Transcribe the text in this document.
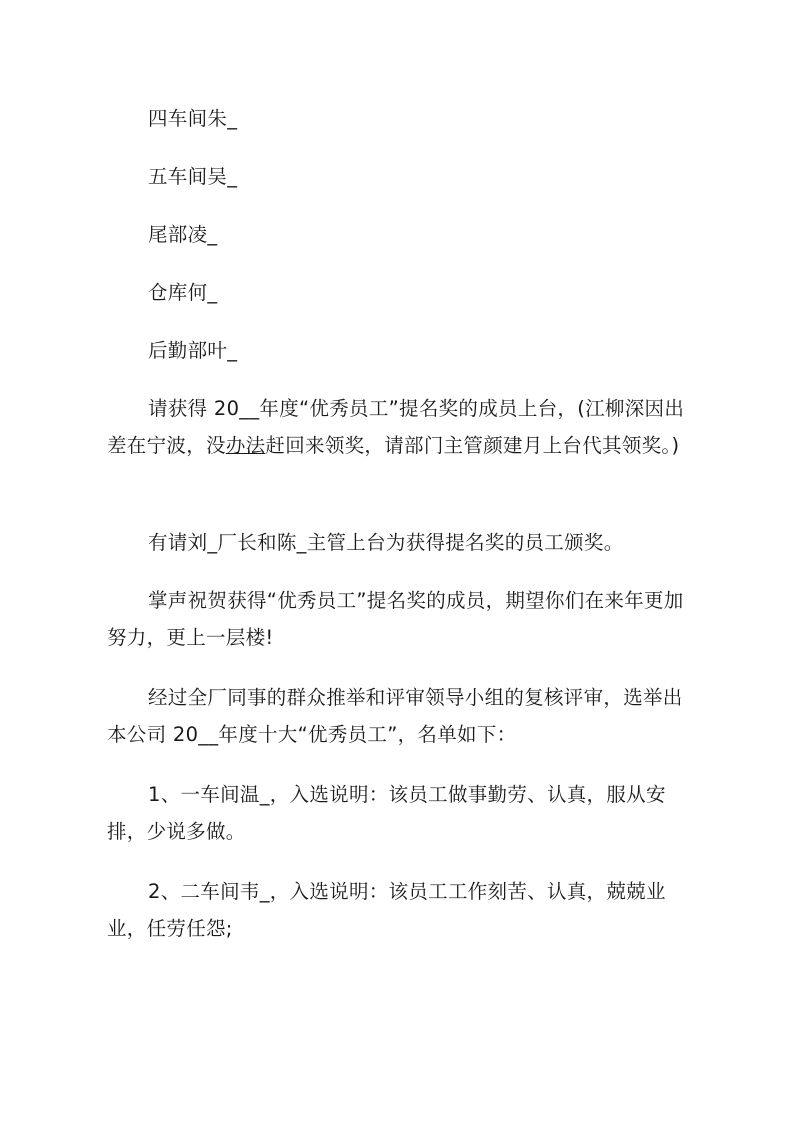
四车间朱_

五车间吴_

尾部凌_

仓库何_

后勤部叶_

请获得 20__年度“优秀员工”提名奖的成员上台，(江柳深因出差在宁波，没办法赶回来领奖，请部门主管颜建月上台代其领奖。)

有请刘_厂长和陈_主管上台为获得提名奖的员工颁奖。

掌声祝贺获得“优秀员工”提名奖的成员，期望你们在来年更加努力，更上一层楼!

经过全厂同事的群众推举和评审领导小组的复核评审，选举出本公司 20__年度十大“优秀员工”，名单如下：

1、一车间温_，入选说明：该员工做事勤劳、认真，服从安排，少说多做。

2、二车间韦_，入选说明：该员工工作刻苦、认真，兢兢业业，任劳任怨;
